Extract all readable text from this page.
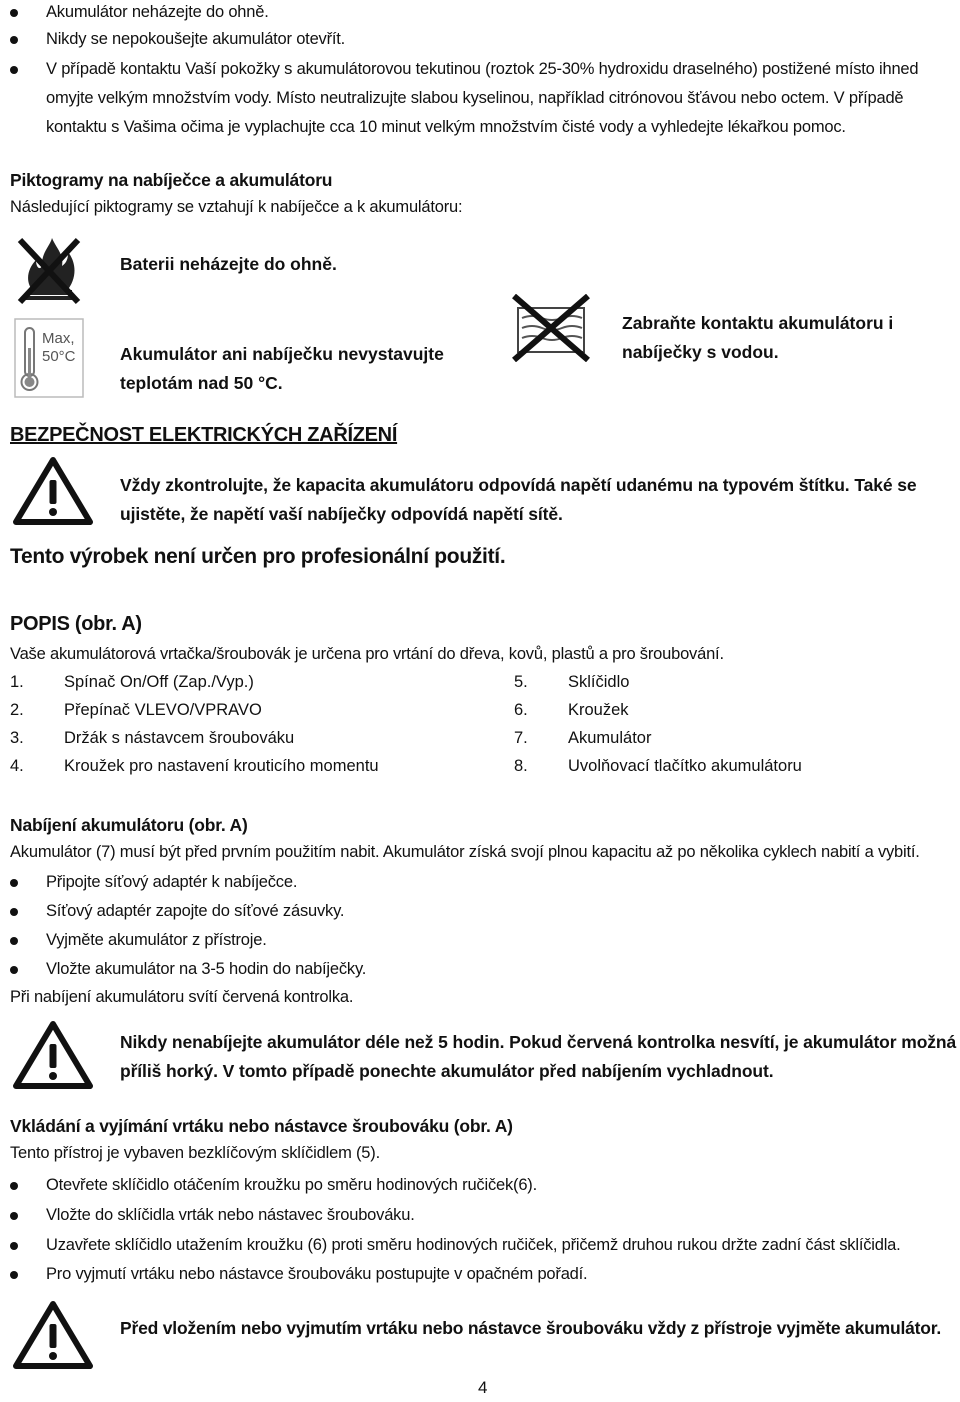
Akumulátor neházejte do ohně.
Nikdy se nepokoušejte akumulátor otevřít.
V případě kontaktu Vaší pokožky s akumulátorovou tekutinou (roztok 25-30% hydroxidu draselného) postižené místo ihned omyjte velkým množstvím vody. Místo neutralizujte slabou kyselinou, například citrónovou šťávou nebo octem. V případě kontaktu s Vašima očima je vyplachujte cca 10 minut velkým množstvím čisté vody a vyhledejte lékařkou pomoc.
Piktogramy na nabíječce a akumulátoru
Následující piktogramy se vztahují k nabíječce a k akumulátoru:
Baterii neházejte do ohně.
Max,
50°C	Akumulátor ani nabíječku nevystavujte teplotám nad 50 °C.
Zabraňte kontaktu akumulátoru i nabíječky s vodou.
BEZPEČNOST ELEKTRICKÝCH ZAŘÍZENÍ
Vždy zkontrolujte, že kapacita akumulátoru odpovídá napětí udanému na typovém štítku. Také se ujistěte, že napětí vaší nabíječky odpovídá napětí sítě.
Tento výrobek není určen pro profesionální použití.
POPIS (obr. A)
Vaše akumulátorová vrtačka/šroubovák je určena pro vrtání do dřeva, kovů, plastů a pro šroubování.
1. Spínač On/Off (Zap./Vyp.)
2. Přepínač VLEVO/VPRAVO
3. Držák s nástavcem šroubováku
4. Kroužek pro nastavení krouticího momentu
5. Sklíčidlo
6. Kroužek
7. Akumulátor
8. Uvolňovací tlačítko akumulátoru
Nabíjení akumulátoru (obr. A)
Akumulátor (7) musí být před prvním použitím nabit. Akumulátor získá svojí plnou kapacitu až po několika cyklech nabití a vybití.
Připojte síťový adaptér k nabíječce.
Síťový adaptér zapojte do síťové zásuvky.
Vyjměte akumulátor z přístroje.
Vložte akumulátor na 3-5 hodin do nabíječky.
Při nabíjení akumulátoru svítí červená kontrolka.
Nikdy nenabíjejte akumulátor déle než 5 hodin. Pokud červená kontrolka nesvítí, je akumulátor možná příliš horký. V tomto případě ponechte akumulátor před nabíjením vychladnout.
Vkládání a vyjímání vrtáku nebo nástavce šroubováku (obr. A)
Tento přístroj je vybaven bezklíčovým sklíčidlem (5).
Otevřete sklíčidlo otáčením kroužku po směru hodinových ručiček(6).
Vložte do sklíčidla vrták nebo nástavec šroubováku.
Uzavřete sklíčidlo utažením kroužku (6) proti směru hodinových ručiček, přičemž druhou rukou držte zadní část sklíčidla.
Pro vyjmutí vrtáku nebo nástavce šroubováku postupujte v opačném pořadí.
Před vložením nebo vyjmutím vrtáku nebo nástavce šroubováku vždy z přístroje vyjměte akumulátor.
4
